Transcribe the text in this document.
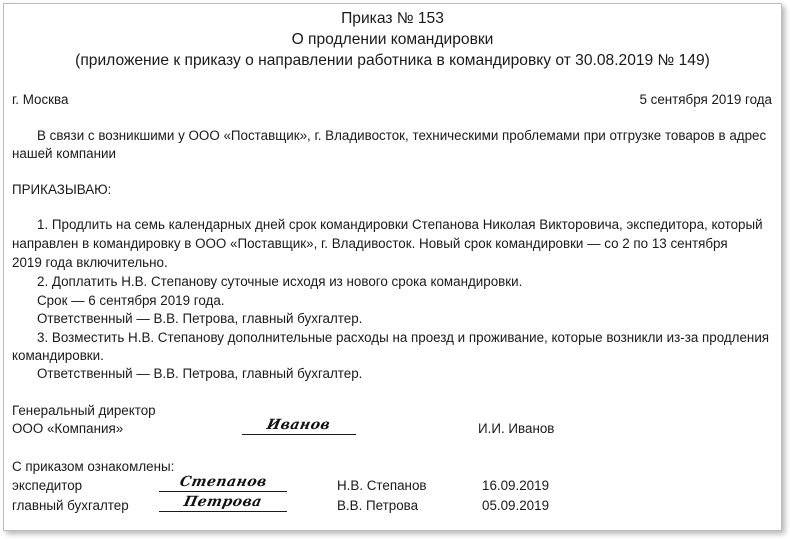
Приказ № 153
О продлении командировки
(приложение к приказу о направлении работника в командировку от 30.08.2019 № 149)
г. Москва	5 сентября 2019 года
В связи с возникшими у ООО «Поставщик», г. Владивосток, техническими проблемами при отгрузке товаров в адрес
нашей компании
ПРИКАЗЫВАЮ:
1. Продлить на семь календарных дней срок командировки Степанова Николая Викторовича, экспедитора, который
направлен в командировку в ООО «Поставщик», г. Владивосток. Новый срок командировки — со 2 по 13 сентября
2019 года включительно.
2. Доплатить Н.В. Степанову суточные исходя из нового срока командировки.
Срок — 6 сентября 2019 года.
Ответственный — В.В. Петрова, главный бухгалтер.
3. Возместить Н.В. Степанову дополнительные расходы на проезд и проживание, которые возникли из-за продления
командировки.
Ответственный — В.В. Петрова, главный бухгалтер.
Генеральный директор
ООО «Компания»	Иванов	И.И. Иванов
С приказом ознакомлены:
экспедитор	Степанов	Н.В. Степанов	16.09.2019
главный бухгалтер	Петрова	В.В. Петрова	05.09.2019
